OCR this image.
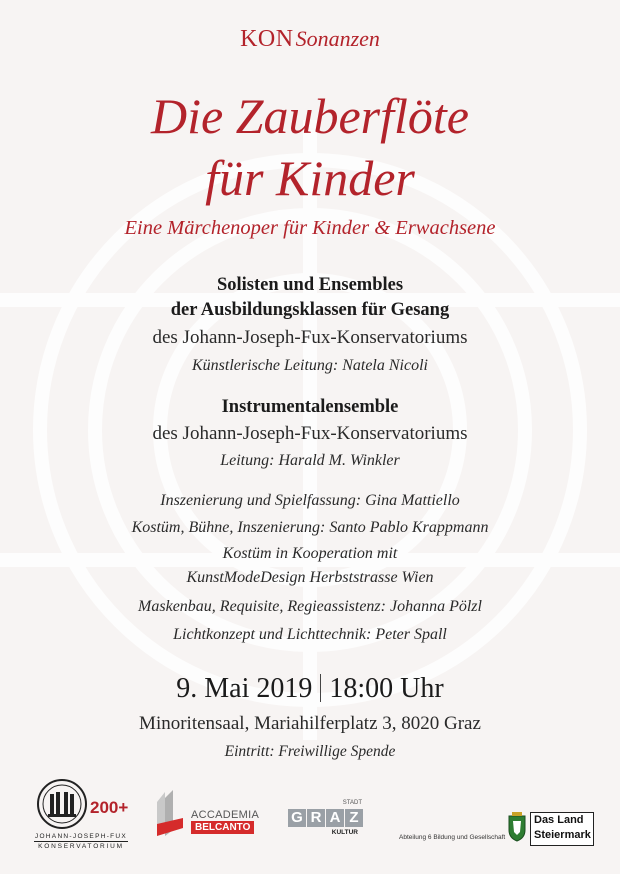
KONSonanzen
Die Zauberflöte
für Kinder
Eine Märchenoper für Kinder & Erwachsene
Solisten und Ensembles
der Ausbildungsklassen für Gesang
des Johann-Joseph-Fux-Konservatoriums
Künstlerische Leitung: Natela Nicoli
Instrumentalensemble
des Johann-Joseph-Fux-Konservatoriums
Leitung: Harald M. Winkler
Inszenierung und Spielfassung: Gina Mattiello
Kostüm, Bühne, Inszenierung: Santo Pablo Krappmann
Kostüm in Kooperation mit
KunstModeDesign Herbststrasse Wien
Maskenbau, Requisite, Regieassistenz: Johanna Pölzl
Lichtkonzept und Lichttechnik: Peter Spall
9. Mai 2019 18:00 Uhr
Minoritensaal, Mariahilferplatz 3, 8020 Graz
Eintritt: Freiwillige Spende
200+
JOHANN-JOSEPH-FUX
KONSERVATORIUM
ACCADEMIA
BELCANTO
STADT
G R A Z
KULTUR
Abteilung 6 Bildung und Gesellschaft
Das Land
Steiermark
